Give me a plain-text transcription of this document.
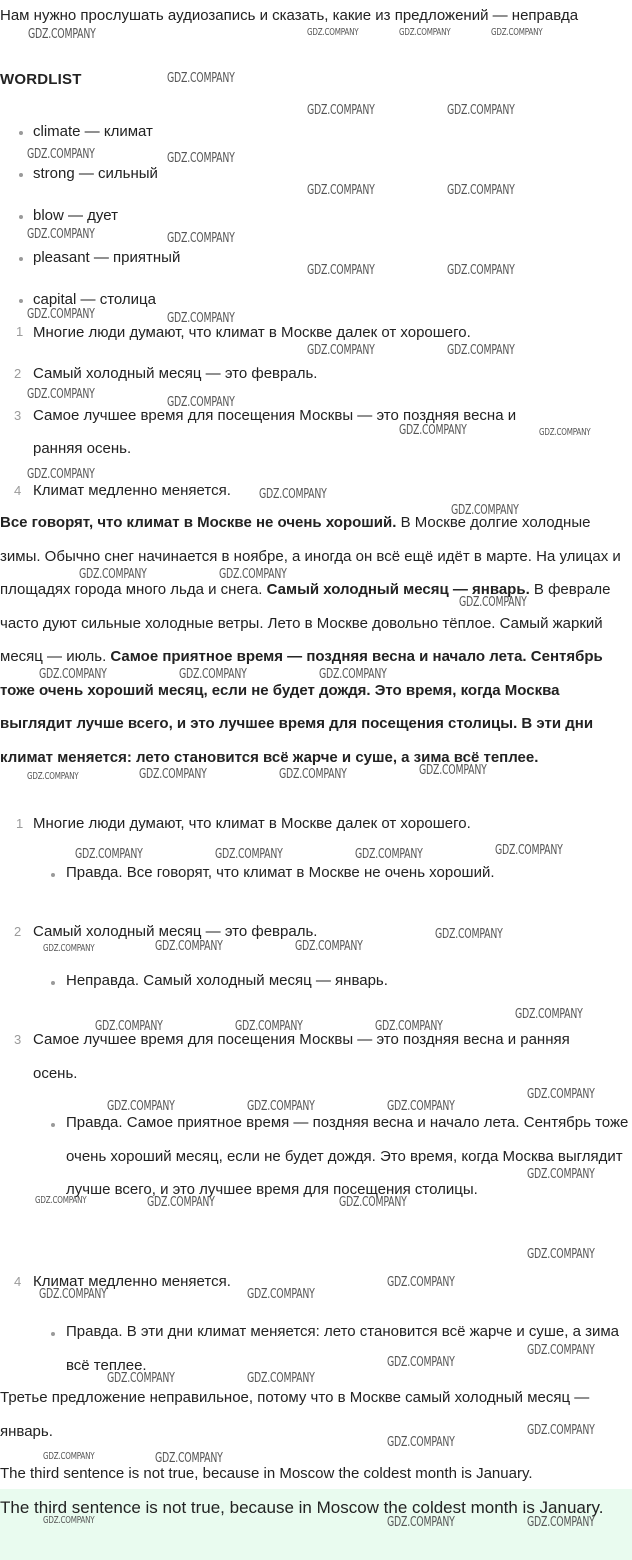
Нам нужно прослушать аудиозапись и сказать, какие из предложений — неправда
WORDLIST
climate — климат
strong — сильный
blow — дует
pleasant — приятный
capital — столица
1 Многие люди думают, что климат в Москве далек от хорошего.
2 Самый холодный месяц — это февраль.
3 Самое лучшее время для посещения Москвы — это поздняя весна и
ранняя осень.
4 Климат медленно меняется.
Все говорят, что климат в Москве не очень хороший. В Москве долгие холодные зимы. Обычно снег начинается в ноябре, а иногда он всё ещё идёт в марте. На улицах и площадях города много льда и снега. Самый холодный месяц — январь. В феврале часто дуют сильные холодные ветры. Лето в Москве довольно тёплое. Самый жаркий месяц — июль. Самое приятное время — поздняя весна и начало лета. Сентябрь тоже очень хороший месяц, если не будет дождя. Это время, когда Москва выглядит лучше всего, и это лучшее время для посещения столицы. В эти дни климат меняется: лето становится всё жарче и суше, а зима всё теплее.
1 Многие люди думают, что климат в Москве далек от хорошего.
Правда. Все говорят, что климат в Москве не очень хороший.
2 Самый холодный месяц — это февраль.
Неправда. Самый холодный месяц — январь.
3 Самое лучшее время для посещения Москвы — это поздняя весна и ранняя осень.
Правда. Самое приятное время — поздняя весна и начало лета. Сентябрь тоже очень хороший месяц, если не будет дождя. Это время, когда Москва выглядит лучше всего, и это лучшее время для посещения столицы.
4 Климат медленно меняется.
Правда. В эти дни климат меняется: лето становится всё жарче и суше, а зима всё теплее.
Третье предложение неправильное, потому что в Москве самый холодный месяц — январь.
The third sentence is not true, because in Moscow the coldest month is January.
The third sentence is not true, because in Moscow the coldest month is January.
GDZ.COMPANY	GDZ.COMPANY	GDZ.COMPANY	GDZ.COMPANY
GDZ.COMPANY
GDZ.COMPANY	GDZ.COMPANY
GDZ.COMPANY	GDZ.COMPANY
GDZ.COMPANY	GDZ.COMPANY
GDZ.COMPANY	GDZ.COMPANY
GDZ.COMPANY	GDZ.COMPANY
GDZ.COMPANY	GDZ.COMPANY
GDZ.COMPANY	GDZ.COMPANY
GDZ.COMPANY
GDZ.COMPANY
GDZ.COMPANY	GDZ.COMPANY
GDZ.COMPANY
GDZ.COMPANY
GDZ.COMPANY
GDZ.COMPANY	GDZ.COMPANY
GDZ.COMPANY
GDZ.COMPANY	GDZ.COMPANY	GDZ.COMPANY
GDZ.COMPANY	GDZ.COMPANY	GDZ.COMPANY	GDZ.COMPANY
GDZ.COMPANY	GDZ.COMPANY	GDZ.COMPANY	GDZ.COMPANY
GDZ.COMPANY
GDZ.COMPANY	GDZ.COMPANY	GDZ.COMPANY
GDZ.COMPANY
GDZ.COMPANY	GDZ.COMPANY	GDZ.COMPANY
GDZ.COMPANY
GDZ.COMPANY	GDZ.COMPANY	GDZ.COMPANY
GDZ.COMPANY
GDZ.COMPANY	GDZ.COMPANY	GDZ.COMPANY
GDZ.COMPANY
GDZ.COMPANY
GDZ.COMPANY	GDZ.COMPANY
GDZ.COMPANY
GDZ.COMPANY
GDZ.COMPANY	GDZ.COMPANY
GDZ.COMPANY
GDZ.COMPANY
GDZ.COMPANY	GDZ.COMPANY
GDZ.COMPANY	GDZ.COMPANY	GDZ.COMPANY
